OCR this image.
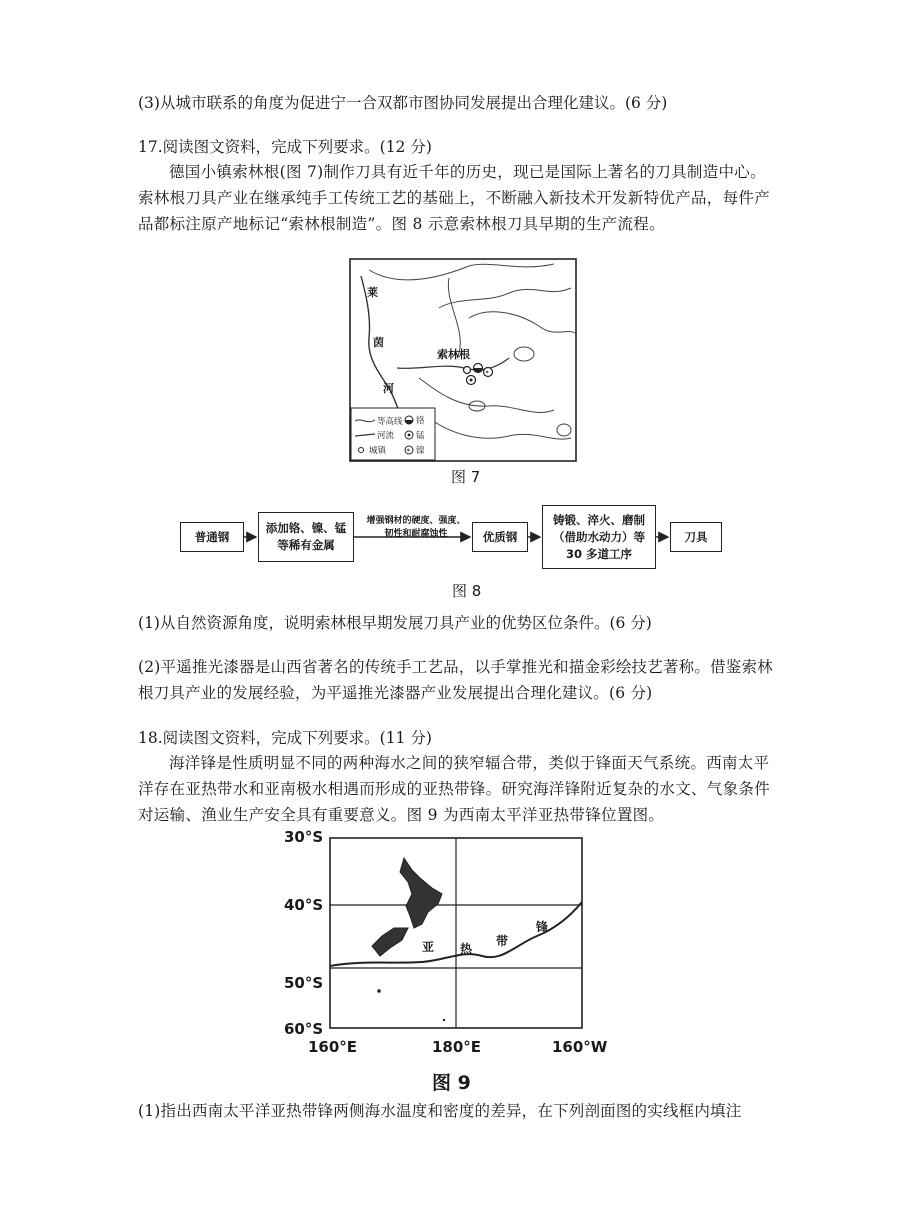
(3)从城市联系的角度为促进宁一合双都市图协同发展提出合理化建议。(6 分)

17.阅读图文资料，完成下列要求。(12 分)

德国小镇索林根(图 7)制作刀具有近千年的历史，现已是国际上著名的刀具制造中心。索林根刀具产业在继承纯手工传统工艺的基础上，不断融入新技术开发新特优产品，每件产品都标注原产地标记“索林根制造”。图 8 示意索林根刀具早期的生产流程。

*
*
莱
茵
河
索林根
等高线
河流
城镇
铬
锰
镍
图 7
普通钢
添加铬、镍、锰等稀有金属
增强钢材的硬度、强度、韧性和耐腐蚀性	优质钢
铸锻、淬火、磨制（借助水动力）等 30 多道工序
刀具
图 8

(1)从自然资源角度，说明索林根早期发展刀具产业的优势区位条件。(6 分)

(2)平遥推光漆器是山西省著名的传统手工艺品，以手掌推光和描金彩绘技艺著称。借鉴索林根刀具产业的发展经验，为平遥推光漆器产业发展提出合理化建议。(6 分)

18.阅读图文资料，完成下列要求。(11 分)

海洋锋是性质明显不同的两种海水之间的狭窄辐合带，类似于锋面天气系统。西南太平洋存在亚热带水和亚南极水相遇而形成的亚热带锋。研究海洋锋附近复杂的水文、气象条件对运输、渔业生产安全具有重要意义。图 9 为西南太平洋亚热带锋位置图。

30°S
40°S
50°S
60°S
160°E	180°E	160°W
亚 热
带
锋
图 9

(1)指出西南太平洋亚热带锋两侧海水温度和密度的差异，在下列剖面图的实线框内填注
